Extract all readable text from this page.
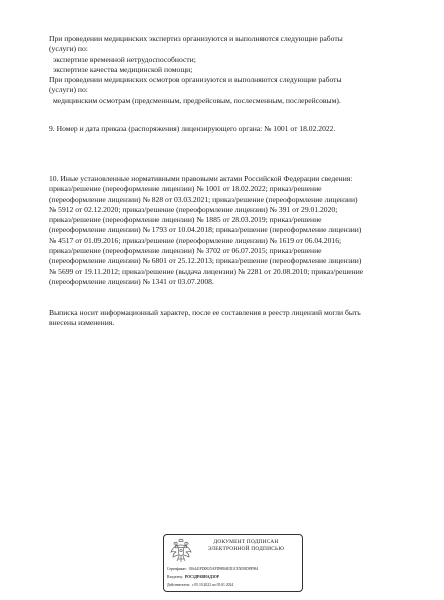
При проведении медицинских экспертиз организуются и выполняются следующие работы
(услуги) по:
экспертизе временной нетрудоспособности;
экспертизе качества медицинской помощи;
При проведении медицинских осмотров организуются и выполняются следующие работы
(услуги) по:
медицинским осмотрам (предсменным, предрейсовым, послесменным, послерейсовым).
9. Номер и дата приказа (распоряжения) лицензирующего органа: № 1001 от 18.02.2022.
10. Иные установленные нормативными правовыми актами Российской Федерации сведения:
приказ/решение (переоформление лицензии) № 1001 от 18.02.2022; приказ/решение
(переоформление лицензии) № 828 от 03.03.2021; приказ/решение (переоформление лицензии)
№ 5912 от 02.12.2020; приказ/решение (переоформление лицензии) № 391 от 29.01.2020;
приказ/решение (переоформление лицензии) № 1885 от 28.03.2019; приказ/решение
(переоформление лицензии) № 1793 от 10.04.2018; приказ/решение (переоформление лицензии)
№ 4517 от 01.09.2016; приказ/решение (переоформление лицензии) № 1619 от 06.04.2016;
приказ/решение (переоформление лицензии) № 3702 от 06.07.2015; приказ/решение
(переоформление лицензии) № 6801 от 25.12.2013; приказ/решение (переоформление лицензии)
№ 5699 от 19.11.2012; приказ/решение (выдача лицензии) № 2281 от 20.08.2010; приказ/решение
(переоформление лицензии) № 1341 от 03.07.2008.
Выписка носит информационный характер, после ее составления в реестр лицензий могли быть
внесены изменения.
ДОКУМЕНТ ПОДПИСАН
ЭЛЕКТРОННОЙ ПОДПИСЬЮ
Сертификат: 016441FD0025AFD9B94ED1CE5058D8F984
Владелец: РОСЗДРАВНАДЗОР
Действителен: с 05.10.2022 по 05.01.2024
